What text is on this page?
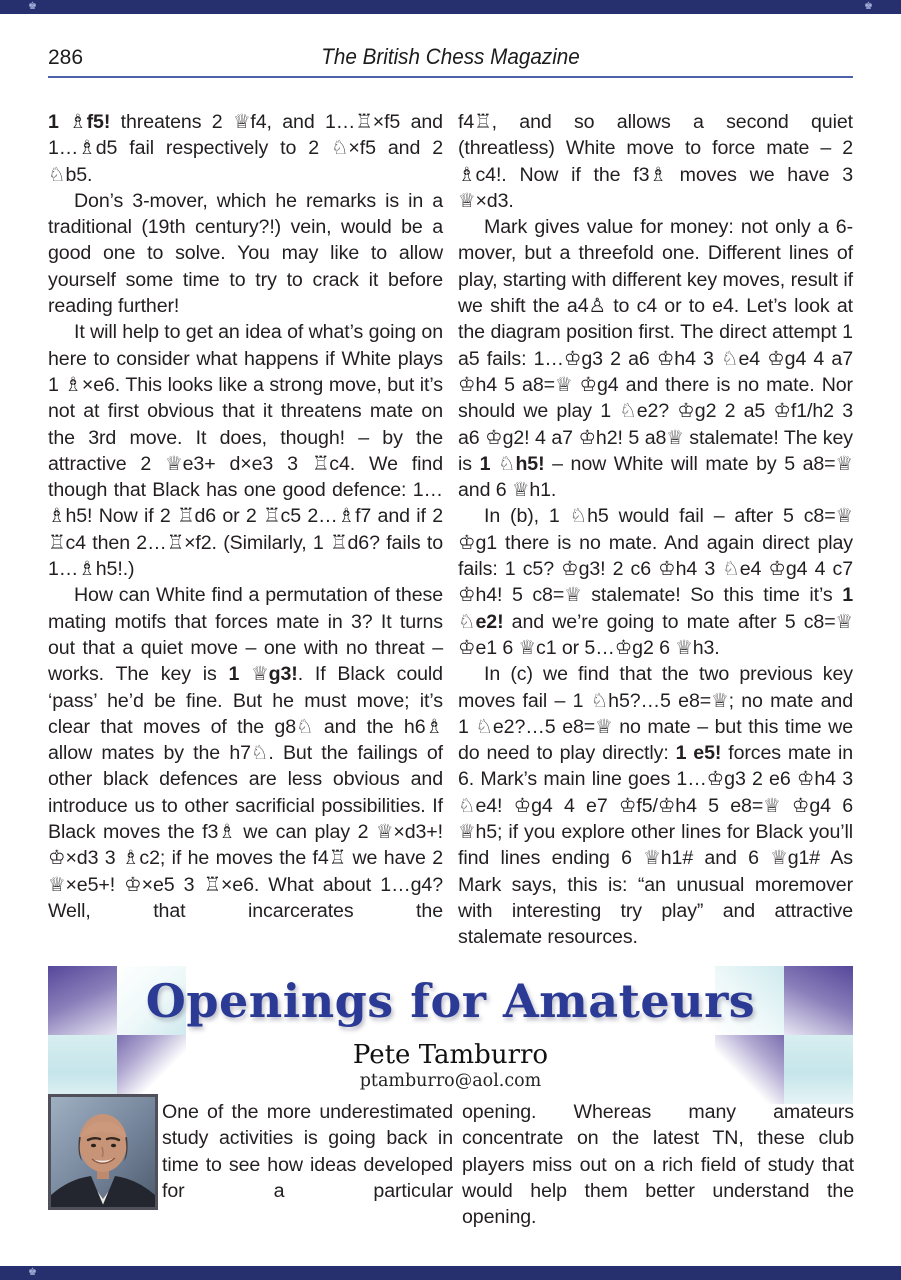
♚	♚
286	The British Chess Magazine

1 ♗f5! threatens 2 ♕f4, and 1…♖×f5 and 1…♗d5 fail respectively to 2 ♘×f5 and 2 ♘b5.

Don’s 3-mover, which he remarks is in a traditional (19th century?!) vein, would be a good one to solve. You may like to allow yourself some time to try to crack it before reading further!

It will help to get an idea of what’s going on here to consider what happens if White plays 1 ♗×e6. This looks like a strong move, but it’s not at first obvious that it threatens mate on the 3rd move. It does, though! – by the attractive 2 ♕e3+ d×e3 3 ♖c4. We find though that Black has one good defence: 1…♗h5! Now if 2 ♖d6 or 2 ♖c5 2…♗f7 and if 2 ♖c4 then 2…♖×f2. (Similarly, 1 ♖d6? fails to 1…♗h5!.)

How can White find a permutation of these mating motifs that forces mate in 3? It turns out that a quiet move – one with no threat – works. The key is 1 ♕g3!. If Black could ‘pass’ he’d be fine. But he must move; it’s clear that moves of the g8♘ and the h6♗ allow mates by the h7♘. But the failings of other black defences are less obvious and introduce us to other sacrificial possibilities. If Black moves the f3♗ we can play 2 ♕×d3+! ♔×d3 3 ♗c2; if he moves the f4♖ we have 2 ♕×e5+! ♔×e5 3 ♖×e6. What about 1…g4? Well, that incarcerates the

f4♖, and so allows a second quiet (threatless) White move to force mate – 2 ♗c4!. Now if the f3♗ moves we have 3 ♕×d3.

Mark gives value for money: not only a 6-mover, but a threefold one. Different lines of play, starting with different key moves, result if we shift the a4♙ to c4 or to e4. Let’s look at the diagram position first. The direct attempt 1 a5 fails: 1…♔g3 2 a6 ♔h4 3 ♘e4 ♔g4 4 a7 ♔h4 5 a8=♕ ♔g4 and there is no mate. Nor should we play 1 ♘e2? ♔g2 2 a5 ♔f1/h2 3 a6 ♔g2! 4 a7 ♔h2! 5 a8♕ stalemate! The key is 1 ♘h5! – now White will mate by 5 a8=♕ and 6 ♕h1.

In (b), 1 ♘h5 would fail – after 5 c8=♕ ♔g1 there is no mate. And again direct play fails: 1 c5? ♔g3! 2 c6 ♔h4 3 ♘e4 ♔g4 4 c7 ♔h4! 5 c8=♕ stalemate! So this time it’s 1 ♘e2! and we’re going to mate after 5 c8=♕ ♔e1 6 ♕c1 or 5…♔g2 6 ♕h3.

In (c) we find that the two previous key moves fail – 1 ♘h5?…5 e8=♕; no mate and 1 ♘e2?…5 e8=♕ no mate – but this time we do need to play directly: 1 e5! forces mate in 6. Mark’s main line goes 1…♔g3 2 e6 ♔h4 3 ♘e4! ♔g4 4 e7 ♔f5/♔h4 5 e8=♕ ♔g4 6 ♕h5; if you explore other lines for Black you’ll find lines ending 6 ♕h1# and 6 ♕g1# As Mark says, this is: “an unusual moremover with interesting try play” and attractive stalemate resources.

Openings for Amateurs
Pete Tamburro
ptamburro@aol.com

One of the more underestimated study activities is going back in time to see how ideas developed for a particular

opening. Whereas many amateurs concentrate on the latest TN, these club players miss out on a rich field of study that would help them better understand the opening.

♚
